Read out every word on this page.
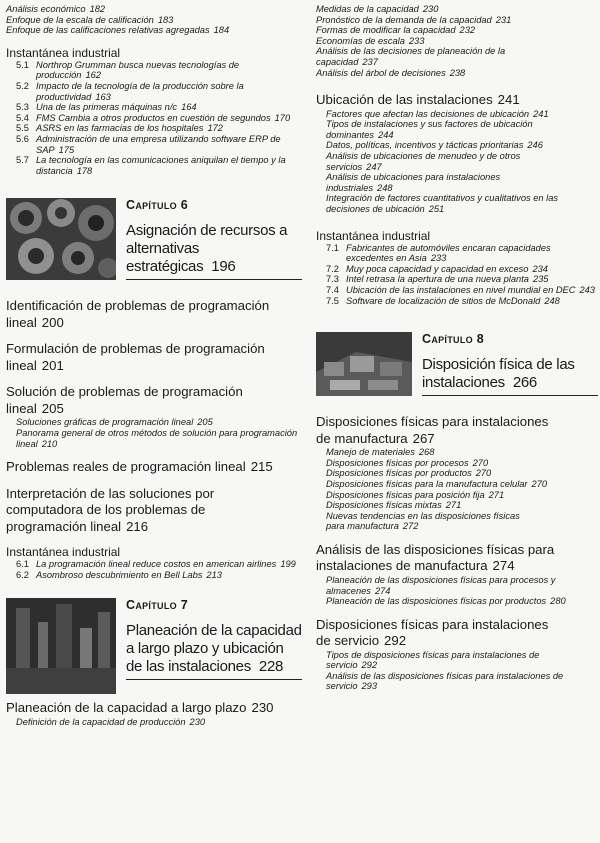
Análisis económico 182
Enfoque de la escala de calificación 183
Enfoque de las calificaciones relativas agregadas 184
Instantánea industrial
5.1 Northrop Grumman busca nuevas tecnologías de producción 162
5.2 Impacto de la tecnología de la producción sobre la productividad 163
5.3 Una de las primeras máquinas n/c 164
5.4 FMS Cambia a otros productos en cuestión de segundos 170
5.5 ASRS en las farmacias de los hospitales 172
5.6 Administración de una empresa utilizando software ERP de SAP 175
5.7 La tecnología en las comunicaciones aniquilan el tiempo y la distancia 178
Capítulo 6
Asignación de recursos a alternativas estratégicas 196
Identificación de problemas de programación lineal 200
Formulación de problemas de programación lineal 201
Solución de problemas de programación lineal 205
Soluciones gráficas de programación lineal 205
Panorama general de otros métodos de solución para programación lineal 210
Problemas reales de programación lineal 215
Interpretación de las soluciones por computadora de los problemas de programación lineal 216
Instantánea industrial
6.1 La programación lineal reduce costos en american airlines 199
6.2 Asombroso descubrimiento en Bell Labs 213
Capítulo 7
Planeación de la capacidad a largo plazo y ubicación de las instalaciones 228
Planeación de la capacidad a largo plazo 230
Definición de la capacidad de producción 230
Medidas de la capacidad 230
Pronóstico de la demanda de la capacidad 231
Formas de modificar la capacidad 232
Economías de escala 233
Análisis de las decisiones de planeación de la capacidad 237
Análisis del árbol de decisiones 238
Ubicación de las instalaciones 241
Factores que afectan las decisiones de ubicación 241
Tipos de instalaciones y sus factores de ubicación dominantes 244
Datos, políticas, incentivos y tácticas prioritarias 246
Análisis de ubicaciones de menudeo y de otros servicios 247
Análisis de ubicaciones para instalaciones industriales 248
Integración de factores cuantitativos y cualitativos en las decisiones de ubicación 251
Instantánea industrial
7.1 Fabricantes de automóviles encaran capacidades excedentes en Asia 233
7.2 Muy poca capacidad y capacidad en exceso 234
7.3 Intel retrasa la apertura de una nueva planta 235
7.4 Ubicación de las instalaciones en nivel mundial en DEC 243
7.5 Software de localización de sitios de McDonald 248
Capítulo 8
Disposición física de las instalaciones 266
Disposiciones físicas para instalaciones de manufactura 267
Manejo de materiales 268
Disposiciones físicas por procesos 270
Disposiciones físicas por productos 270
Disposiciones físicas para la manufactura celular 270
Disposiciones físicas para posición fija 271
Disposiciones físicas mixtas 271
Nuevas tendencias en las disposiciones físicas para manufactura 272
Análisis de las disposiciones físicas para instalaciones de manufactura 274
Planeación de las disposiciones físicas para procesos y almacenes 274
Planeación de las disposiciones físicas por productos 280
Disposiciones físicas para instalaciones de servicio 292
Tipos de disposiciones físicas para instalaciones de servicio 292
Análisis de las disposiciones físicas para instalaciones de servicio 293
